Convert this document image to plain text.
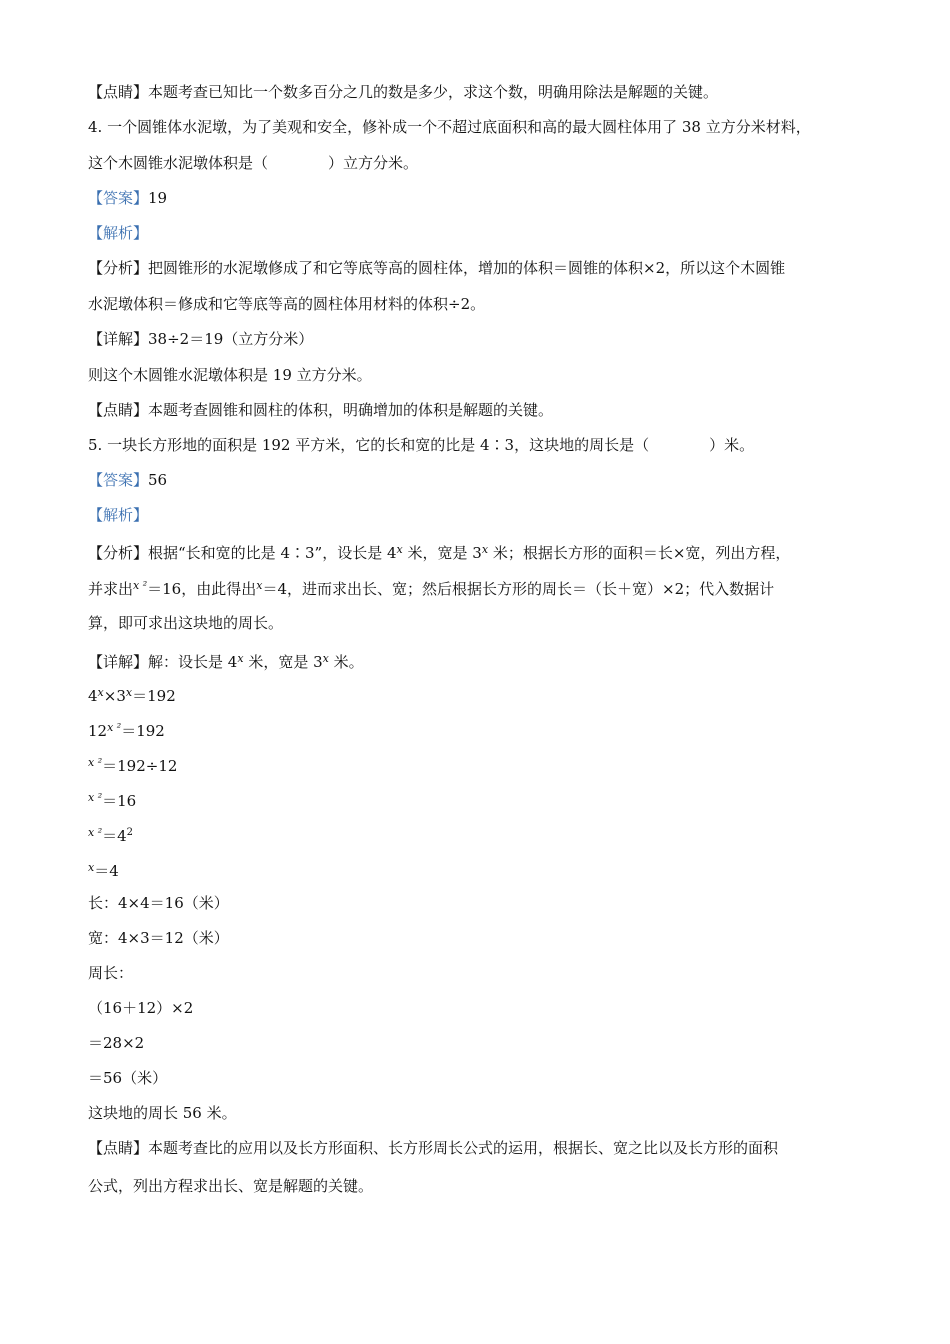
【点睛】本题考查已知比一个数多百分之几的数是多少，求这个数，明确用除法是解题的关键。
4. 一个圆锥体水泥墩，为了美观和安全，修补成一个不超过底面积和高的最大圆柱体用了 38 立方分米材料，
这个木圆锥水泥墩体积是（　　　　）立方分米。
【答案】19
【解析】
【分析】把圆锥形的水泥墩修成了和它等底等高的圆柱体，增加的体积＝圆锥的体积×2，所以这个木圆锥
水泥墩体积＝修成和它等底等高的圆柱体用材料的体积÷2。
【详解】38÷2＝19（立方分米）
则这个木圆锥水泥墩体积是 19 立方分米。
【点睛】本题考查圆锥和圆柱的体积，明确增加的体积是解题的关键。
5. 一块长方形地的面积是 192 平方米，它的长和宽的比是 4∶3，这块地的周长是（　　　　）米。
【答案】56
【解析】
【分析】根据“长和宽的比是 4∶3”，设长是 4$^x$ 米，宽是 3$^x$ 米；根据长方形的面积＝长×宽，列出方程，
并求出$^{x ^2}$＝16，由此得出$^x$＝4，进而求出长、宽；然后根据长方形的周长＝（长＋宽）×2；代入数据计
算，即可求出这块地的周长。
【详解】解：设长是 4$^x$ 米，宽是 3$^x$ 米。
$4^x\times 3^x=192$
$12^{x ^2}=192$
$^{x ^2}$＝192÷12
$^{x ^2}$＝16
$^{x ^2}=4^2$
$^x$＝4
长：4×4＝16（米）
宽：4×3＝12（米）
周长：
（16＋12）×2
＝28×2
＝56（米）
这块地的周长 56 米。
【点睛】本题考查比的应用以及长方形面积、长方形周长公式的运用，根据长、宽之比以及长方形的面积
公式，列出方程求出长、宽是解题的关键。
